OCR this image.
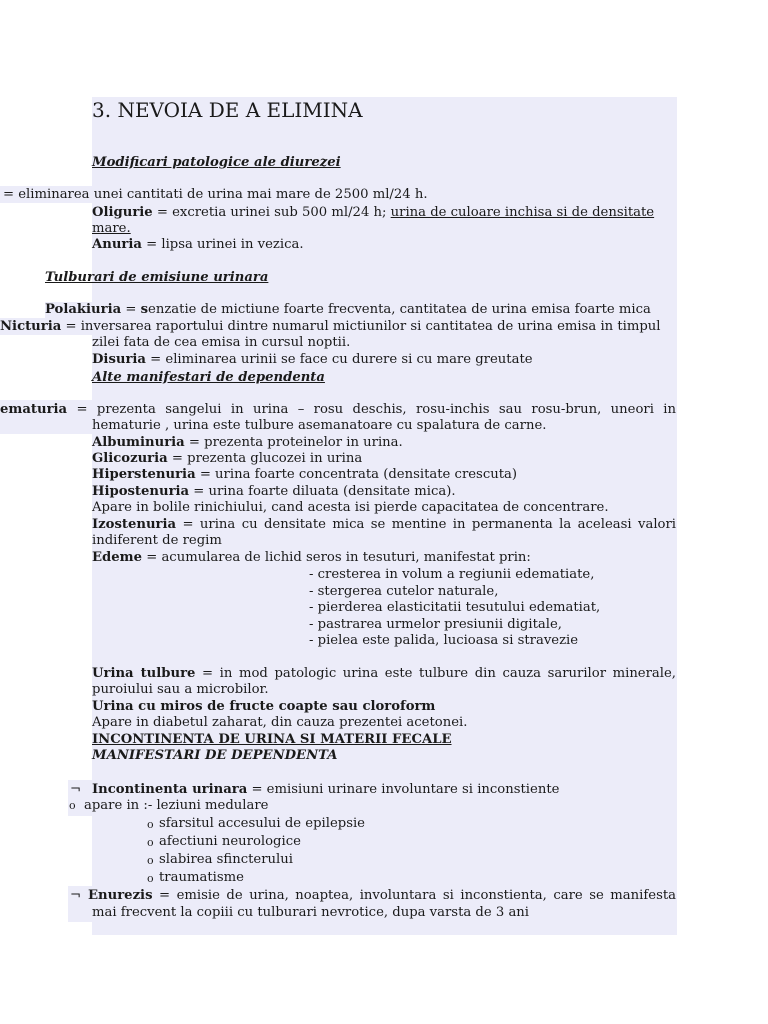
3. NEVOIA DE A ELIMINA
Modificari patologice ale diurezei
= eliminarea unei cantitati de urina mai mare de 2500 ml/24 h.
Oligurie = excretia urinei sub 500 ml/24 h; urina de culoare inchisa si de densitate
mare.
Anuria = lipsa urinei in vezica.
Tulburari de emisiune urinara
Polakiuria = senzatie de mictiune foarte frecventa, cantitatea de urina emisa foarte mica
Nicturia = inversarea raportului dintre numarul mictiunilor si cantitatea de urina emisa in timpul
zilei fata de cea emisa in cursul noptii.
Disuria = eliminarea urinii se face cu durere si cu mare greutate
Alte manifestari de dependenta
ematuria = prezenta sangelui in urina – rosu deschis, rosu-inchis sau rosu-brun, uneori in
hematurie , urina este tulbure asemanatoare cu spalatura de carne.
Albuminuria = prezenta proteinelor in urina.
Glicozuria = prezenta glucozei in urina
Hiperstenuria = urina foarte concentrata (densitate crescuta)
Hipostenuria = urina foarte diluata (densitate mica).
Apare in bolile rinichiului, cand acesta isi pierde capacitatea de concentrare.
Izostenuria = urina cu densitate mica se mentine in permanenta la aceleasi valori
indiferent de regim
Edeme = acumularea de lichid seros in tesuturi, manifestat prin:
- cresterea in volum a regiunii edematiate,
- stergerea cutelor naturale,
- pierderea elasticitatii tesutului edematiat,
- pastrarea urmelor presiunii digitale,
- pielea este palida, lucioasa si stravezie
Urina tulbure = in mod patologic urina este tulbure din cauza sarurilor minerale,
puroiului sau a microbilor.
Urina cu miros de fructe coapte sau cloroform
Apare in diabetul zaharat, din cauza prezentei acetonei.
INCONTINENTA DE URINA SI MATERII FECALE
MANIFESTARI DE DEPENDENTA
¬ Incontinenta urinara = emisiuni urinare involuntare si inconstiente
o apare in :- leziuni medulare
o sfarsitul accesului de epilepsie
o afectiuni neurologice
o slabirea sfincterului
o traumatisme
¬ Enurezis = emisie de urina, noaptea, involuntara si inconstienta, care se manifesta
mai frecvent la copiii cu tulburari nevrotice, dupa varsta de 3 ani
